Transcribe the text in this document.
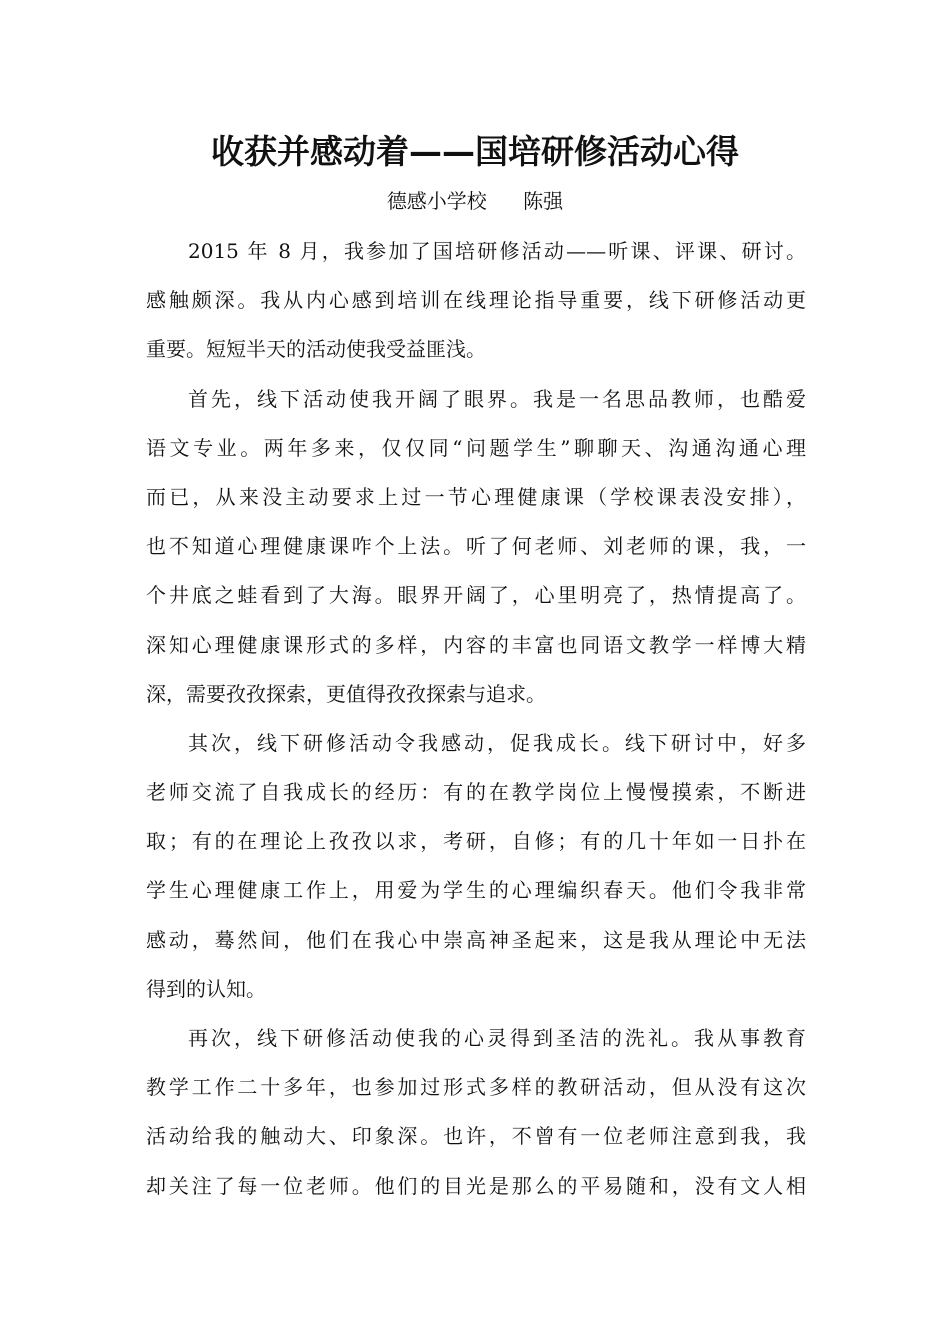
收获并感动着——国培研修活动心得
德感小学校 陈强
2015 年 8 月，我参加了国培研修活动——听课、评课、研讨。
感触颇深。我从内心感到培训在线理论指导重要，线下研修活动更
重要。短短半天的活动使我受益匪浅。
首先，线下活动使我开阔了眼界。我是一名思品教师，也酷爱
语文专业。两年多来，仅仅同“问题学生”聊聊天、沟通沟通心理
而已，从来没主动要求上过一节心理健康课（学校课表没安排），
也不知道心理健康课咋个上法。听了何老师、刘老师的课，我，一
个井底之蛙看到了大海。眼界开阔了，心里明亮了，热情提高了。
深知心理健康课形式的多样，内容的丰富也同语文教学一样博大精
深，需要孜孜探索，更值得孜孜探索与追求。
其次，线下研修活动令我感动，促我成长。线下研讨中，好多
老师交流了自我成长的经历：有的在教学岗位上慢慢摸索，不断进
取；有的在理论上孜孜以求，考研，自修；有的几十年如一日扑在
学生心理健康工作上，用爱为学生的心理编织春天。他们令我非常
感动，蓦然间，他们在我心中崇高神圣起来，这是我从理论中无法
得到的认知。
再次，线下研修活动使我的心灵得到圣洁的洗礼。我从事教育
教学工作二十多年，也参加过形式多样的教研活动，但从没有这次
活动给我的触动大、印象深。也许，不曾有一位老师注意到我，我
却关注了每一位老师。他们的目光是那么的平易随和，没有文人相
